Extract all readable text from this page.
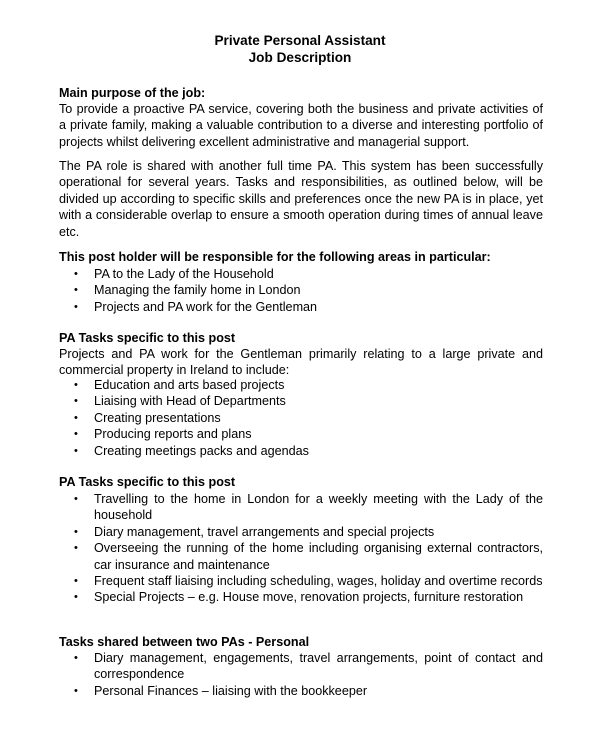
Private Personal Assistant
Job Description
Main purpose of the job:
To provide a proactive PA service, covering both the business and private activities of a private family, making a valuable contribution to a diverse and interesting portfolio of projects whilst delivering excellent administrative and managerial support.
The PA role is shared with another full time PA. This system has been successfully operational for several years. Tasks and responsibilities, as outlined below, will be divided up according to specific skills and preferences once the new PA is in place, yet with a considerable overlap to ensure a smooth operation during times of annual leave etc.
This post holder will be responsible for the following areas in particular:
• PA to the Lady of the Household
• Managing the family home in London
• Projects and PA work for the Gentleman
PA Tasks specific to this post
Projects and PA work for the Gentleman primarily relating to a large private and commercial property in Ireland to include:
• Education and arts based projects
• Liaising with Head of Departments
• Creating presentations
• Producing reports and plans
• Creating meetings packs and agendas
PA Tasks specific to this post
• Travelling to the home in London for a weekly meeting with the Lady of the household
• Diary management, travel arrangements and special projects
• Overseeing the running of the home including organising external contractors, car insurance and maintenance
• Frequent staff liaising including scheduling, wages, holiday and overtime records
• Special Projects – e.g. House move, renovation projects, furniture restoration
Tasks shared between two PAs - Personal
• Diary management, engagements, travel arrangements, point of contact and correspondence
• Personal Finances – liaising with the bookkeeper
